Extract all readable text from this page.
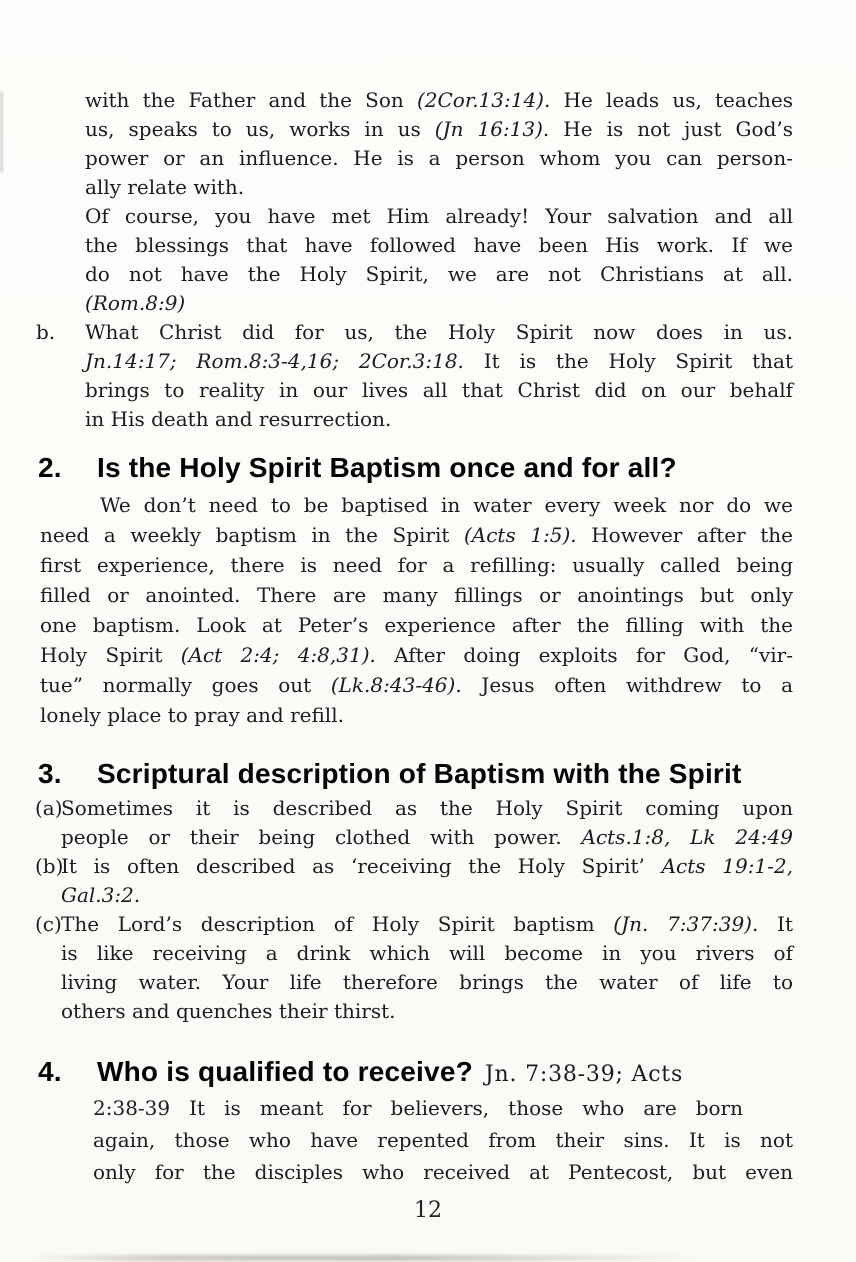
with the Father and the Son (2Cor.13:14). He leads us, teaches
us, speaks to us, works in us (Jn 16:13). He is not just God’s
power or an influence. He is a person whom you can person-
ally relate with.
Of course, you have met Him already! Your salvation and all
the blessings that have followed have been His work. If we
do not have the Holy Spirit, we are not Christians at all.
(Rom.8:9)
b. What Christ did for us, the Holy Spirit now does in us.
Jn.14:17; Rom.8:3-4,16; 2Cor.3:18. It is the Holy Spirit that
brings to reality in our lives all that Christ did on our behalf
in His death and resurrection.
2. Is the Holy Spirit Baptism once and for all?
We don’t need to be baptised in water every week nor do we
need a weekly baptism in the Spirit (Acts 1:5). However after the
first experience, there is need for a refilling: usually called being
filled or anointed. There are many fillings or anointings but only
one baptism. Look at Peter’s experience after the filling with the
Holy Spirit (Act 2:4; 4:8,31). After doing exploits for God, “vir-
tue” normally goes out (Lk.8:43-46). Jesus often withdrew to a
lonely place to pray and refill.
3. Scriptural description of Baptism with the Spirit
(a)
Sometimes it is described as the Holy Spirit coming upon
people or their being clothed with power. Acts.1:8, Lk 24:49
(b)
It is often described as ‘receiving the Holy Spirit’ Acts 19:1-2,
Gal.3:2.
(c) The Lord’s description of Holy Spirit baptism (Jn. 7:37:39). It
is like receiving a drink which will become in you rivers of
living water. Your life therefore brings the water of life to
others and quenches their thirst.
4. Who is qualified to receive? Jn. 7:38-39; Acts
2:38-39 It is meant for believers, those who are born
again, those who have repented from their sins. It is not
only for the disciples who received at Pentecost, but even
12
